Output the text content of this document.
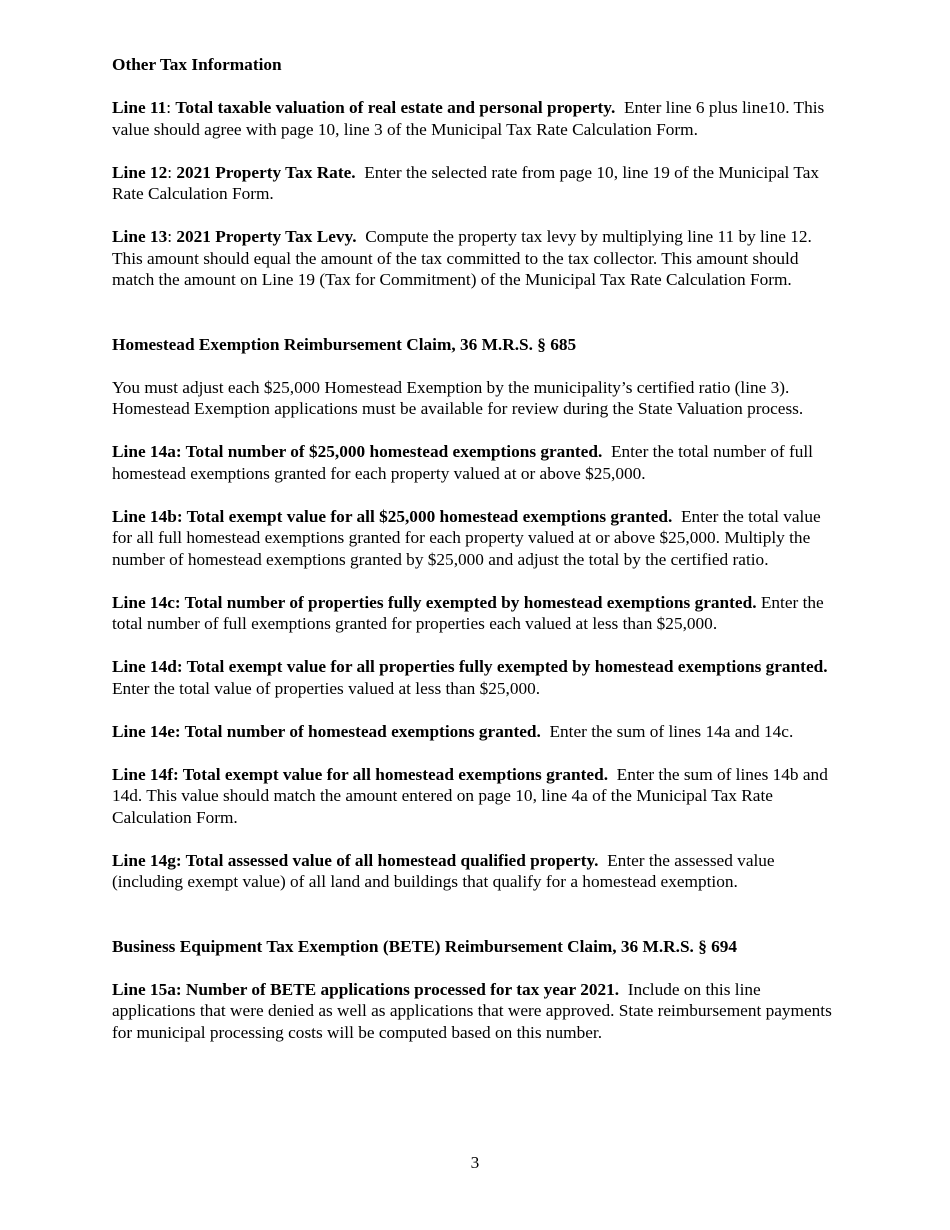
Other Tax Information

Line 11: Total taxable valuation of real estate and personal property. Enter line 6 plus line10. This value should agree with page 10, line 3 of the Municipal Tax Rate Calculation Form.

Line 12: 2021 Property Tax Rate. Enter the selected rate from page 10, line 19 of the Municipal Tax Rate Calculation Form.

Line 13: 2021 Property Tax Levy. Compute the property tax levy by multiplying line 11 by line 12. This amount should equal the amount of the tax committed to the tax collector. This amount should match the amount on Line 19 (Tax for Commitment) of the Municipal Tax Rate Calculation Form.

Homestead Exemption Reimbursement Claim, 36 M.R.S. § 685

You must adjust each $25,000 Homestead Exemption by the municipality’s certified ratio (line 3). Homestead Exemption applications must be available for review during the State Valuation process.

Line 14a: Total number of $25,000 homestead exemptions granted. Enter the total number of full homestead exemptions granted for each property valued at or above $25,000.

Line 14b: Total exempt value for all $25,000 homestead exemptions granted. Enter the total value for all full homestead exemptions granted for each property valued at or above $25,000. Multiply the number of homestead exemptions granted by $25,000 and adjust the total by the certified ratio.

Line 14c: Total number of properties fully exempted by homestead exemptions granted. Enter the total number of full exemptions granted for properties each valued at less than $25,000.

Line 14d: Total exempt value for all properties fully exempted by homestead exemptions granted.  Enter the total value of properties valued at less than $25,000.

Line 14e: Total number of homestead exemptions granted. Enter the sum of lines 14a and 14c.

Line 14f: Total exempt value for all homestead exemptions granted. Enter the sum of lines 14b and 14d. This value should match the amount entered on page 10, line 4a of the Municipal Tax Rate Calculation Form.

Line 14g: Total assessed value of all homestead qualified property. Enter the assessed value (including exempt value) of all land and buildings that qualify for a homestead exemption.

Business Equipment Tax Exemption (BETE) Reimbursement Claim, 36 M.R.S. § 694

Line 15a: Number of BETE applications processed for tax year 2021. Include on this line applications that were denied as well as applications that were approved. State reimbursement payments for municipal processing costs will be computed based on this number.

3
